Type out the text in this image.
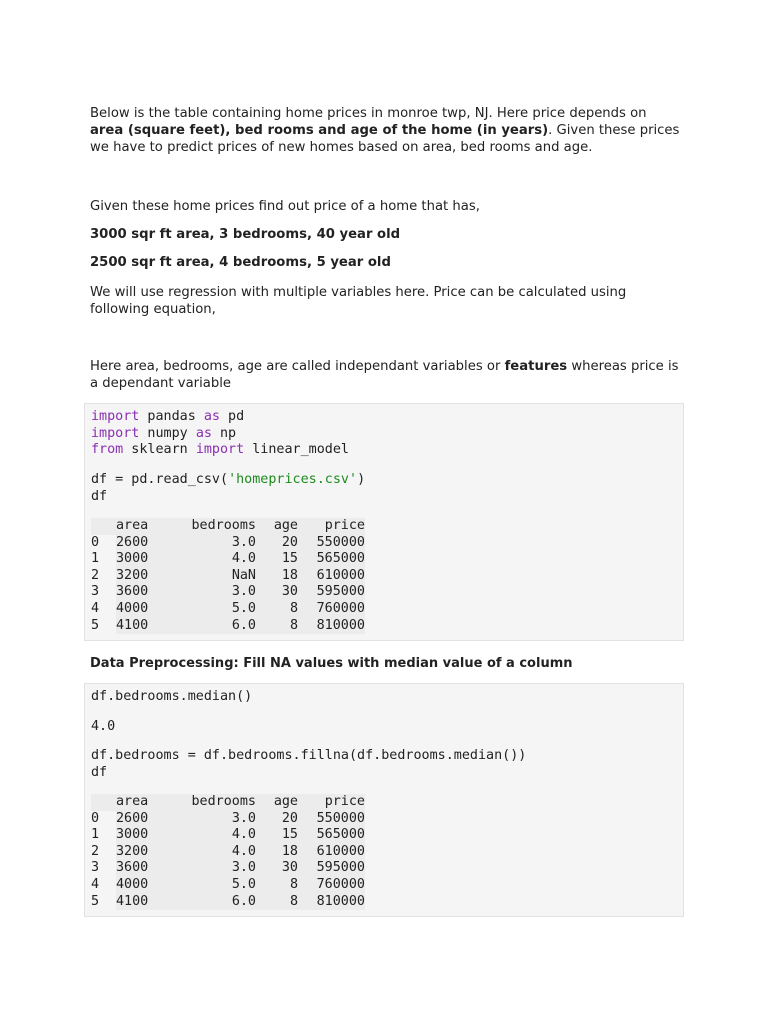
Below is the table containing home prices in monroe twp, NJ. Here price depends on area (square feet), bed rooms and age of the home (in years). Given these prices we have to predict prices of new homes based on area, bed rooms and age.

Given these home prices find out price of a home that has,

3000 sqr ft area, 3 bedrooms, 40 year old

2500 sqr ft area, 4 bedrooms, 5 year old

We will use regression with multiple variables here. Price can be calculated using following equation,

Here area, bedrooms, age are called independant variables or features whereas price is a dependant variable

import pandas as pd
import numpy as np
from sklearn import linear_model
df = pd.read_csv('homeprices.csv')
df
	area	bedrooms	age	price
0	2600	3.0	20	550000
1	3000	4.0	15	565000
2	3200	NaN	18	610000
3	3600	3.0	30	595000
4	4000	5.0	8	760000
5	4100	6.0	8	810000

Data Preprocessing: Fill NA values with median value of a column

df.bedrooms.median()
4.0
df.bedrooms = df.bedrooms.fillna(df.bedrooms.median())
df
	area	bedrooms	age	price
0	2600	3.0	20	550000
1	3000	4.0	15	565000
2	3200	4.0	18	610000
3	3600	3.0	30	595000
4	4000	5.0	8	760000
5	4100	6.0	8	810000
